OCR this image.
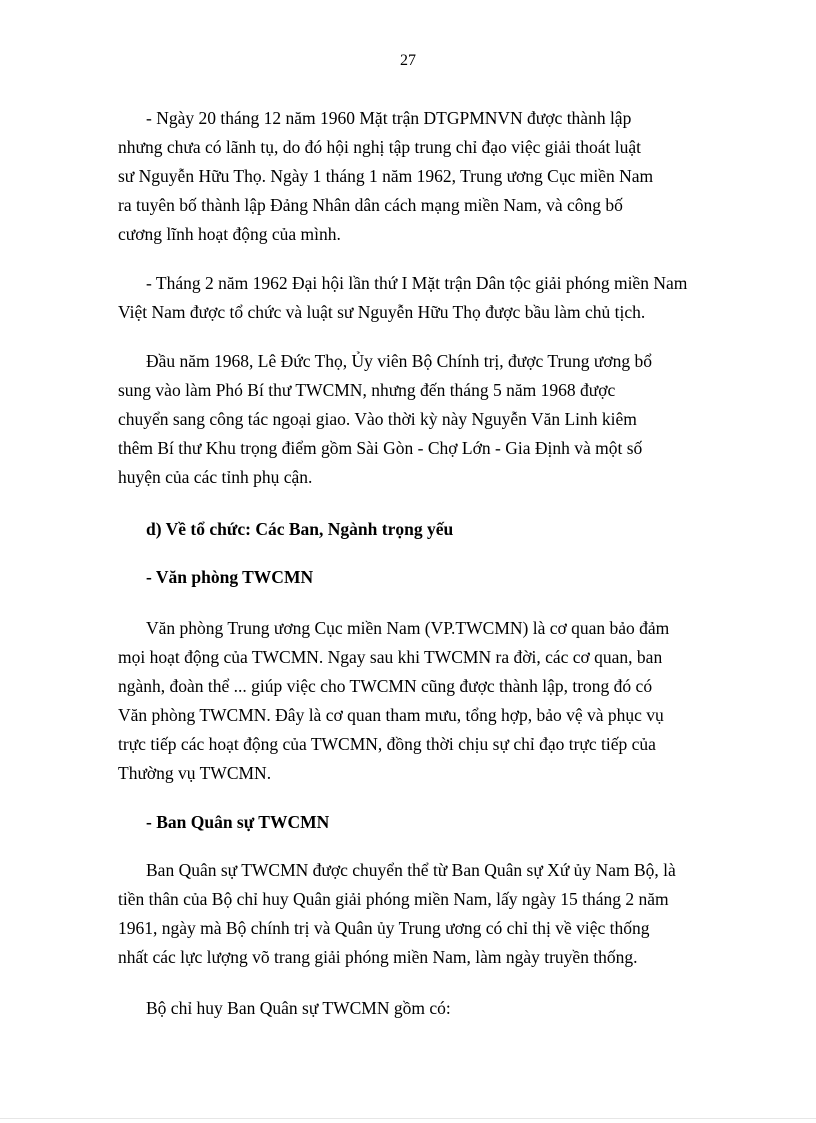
27
- Ngày 20 tháng 12 năm 1960 Mặt trận DTGPMNVN được thành lập
nhưng chưa có lãnh tụ, do đó hội nghị tập trung chỉ đạo việc giải thoát luật
sư Nguyễn Hữu Thọ. Ngày 1 tháng 1 năm 1962, Trung ương Cục miền Nam
ra tuyên bố thành lập Đảng Nhân dân cách mạng miền Nam, và công bố
cương lĩnh hoạt động của mình.
- Tháng 2 năm 1962 Đại hội lần thứ I Mặt trận Dân tộc giải phóng miền Nam
Việt Nam được tổ chức và luật sư Nguyễn Hữu Thọ được bầu làm chủ tịch.
Đầu năm 1968, Lê Đức Thọ, Ủy viên Bộ Chính trị, được Trung ương bổ
sung vào làm Phó Bí thư TWCMN, nhưng đến tháng 5 năm 1968 được
chuyển sang công tác ngoại giao. Vào thời kỳ này Nguyễn Văn Linh kiêm
thêm Bí thư Khu trọng điểm gồm Sài Gòn - Chợ Lớn - Gia Định và một số
huyện của các tỉnh phụ cận.
d) Về tổ chức: Các Ban, Ngành trọng yếu
- Văn phòng TWCMN
Văn phòng Trung ương Cục miền Nam (VP.TWCMN) là cơ quan bảo đảm
mọi hoạt động của TWCMN. Ngay sau khi TWCMN ra đời, các cơ quan, ban
ngành, đoàn thể ... giúp việc cho TWCMN cũng được thành lập, trong đó có
Văn phòng TWCMN. Đây là cơ quan tham mưu, tổng hợp, bảo vệ và phục vụ
trực tiếp các hoạt động của TWCMN, đồng thời chịu sự chỉ đạo trực tiếp của
Thường vụ TWCMN.
- Ban Quân sự TWCMN
Ban Quân sự TWCMN được chuyển thể từ Ban Quân sự Xứ ủy Nam Bộ, là
tiền thân của Bộ chỉ huy Quân giải phóng miền Nam, lấy ngày 15 tháng 2 năm
1961, ngày mà Bộ chính trị và Quân ủy Trung ương có chỉ thị về việc thống
nhất các lực lượng võ trang giải phóng miền Nam, làm ngày truyền thống.
Bộ chỉ huy Ban Quân sự TWCMN gồm có:
